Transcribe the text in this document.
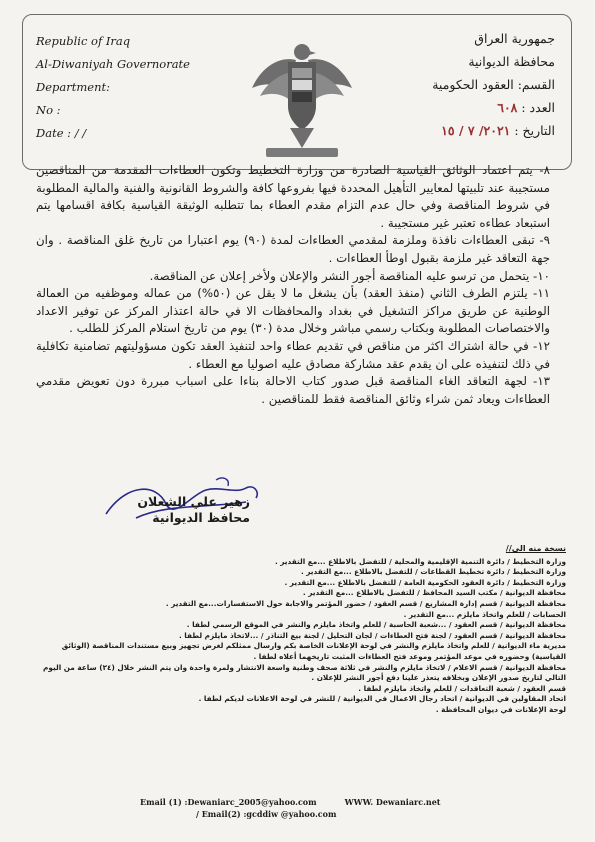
Republic of Iraq
Al-Diwaniyah Governorate
Department:
No :
Date : / /
جمهورية العراق
محافظة الديوانية
القسم: العقود الحكومية
العدد : ٦٠٨
التاريخ : ٢٠٢١/ ٧ / ١٥

٨- يتم اعتماد الوثائق القياسية الصادرة من وزارة التخطيط وتكون العطاءات المقدمة من المناقصين مستجيبة عند تلبيتها لمعايير التأهيل المحددة فيها بفروعها كافة والشروط القانونية والفنية والمالية المطلوبة في شروط المناقصة وفي حال عدم التزام مقدم العطاء بما تتطلبه الوثيقة القياسية بكافة اقسامها يتم استبعاد عطاءه تعتبر غير مستجيبة .

٩- تبقى العطاءات نافذة وملزمة لمقدمي العطاءات لمدة (٩٠) يوم اعتبارا من تاريخ غلق المناقصة . وان جهة التعاقد غير ملزمة بقبول اوطأ العطاءات .

١٠- يتحمل من ترسو عليه المناقصة أجور النشر والإعلان ولأخر إعلان عن المناقصة.

١١- يلتزم الطرف الثاني (منفذ العقد) بأن يشغل ما لا يقل عن (٥٠%) من عماله وموظفيه من العمالة الوطنية عن طريق مراكز التشغيل في بغداد والمحافظات الا في حالة اعتذار المركز عن توفير الاعداد والاختصاصات المطلوبة وبكتاب رسمي مباشر وخلال مدة (٣٠) يوم من تاريخ استلام المركز للطلب .

١٢- في حالة اشتراك اكثر من مناقص في تقديم عطاء واحد لتنفيذ العقد تكون مسؤوليتهم تضامنية تكافلية في ذلك لتنفيذه على ان يقدم عقد مشاركة مصادق عليه اصوليا مع العطاء .

١٣- لجهة التعاقد الغاء المناقصة قبل صدور كتاب الاحالة بناءا على اسباب مبررة دون تعويض مقدمي العطاءات ويعاد ثمن شراء وثائق المناقصة فقط للمناقصين .

زهير علي الشعلان
محافظ الديوانية
نسخة منه الى//
وزارة التخطيط / دائرة التنمية الإقليمية والمحلية / للتفضل بالاطلاع ...مع التقدير .
وزارة التخطيط / دائرة تخطيط القطاعات / للتفضل بالاطلاع ...مع التقدير .
وزارة التخطيط / دائرة العقود الحكومية العامة / للتفضل بالاطلاع ...مع التقدير .
محافظة الديوانية / مكتب السيد المحافظ / للتفضل بالاطلاع ...مع التقدير .
محافظة الديوانية / قسم إدارة المشاريع / قسم العقود / حضور المؤتمر والاجابة حول الاستفسارات...مع التقدير .
الحسابات / للعلم واتخاذ مايلزم ...مع التقدير .
محافظة الديوانية / قسم العقود / ...شعبة الحاسبة / للعلم واتخاذ مايلزم والنشر في الموقع الرسمي لطفا .
محافظة الديوانية / قسم العقود / لجنة فتح العطاءات / لجان التحليل / لجنة بيع التناذر / ...لاتخاذ مايلزم لطفا .
مديرية ماء الديوانية / للعلم واتخاذ مايلزم والنشر في لوحة الإعلانات الخاصة بكم وارسال ممثلكم لغرض تجهيز وبيع مستندات المناقصة (الوثائق القياسية) وحضوره في موعد المؤتمر وموعد فتح العطاءات المثبت تاريخهما أعلاه لطفا .
محافظة الديوانية / قسم الاعلام / لاتخاذ مايلزم والنشر في ثلاثة صحف وطنية واسعة الانتشار ولمرة واحدة وان يتم النشر خلال (٢٤) ساعة من اليوم التالي لتاريخ صدور الإعلان وبخلافه يتعذر علينا دفع أجور النشر للإعلان .
قسم العقود / شعبة التعاقدات / للعلم واتخاذ مايلزم لطفا .
اتحاد المقاولين في الديوانية / اتحاد رجال الاعمال في الديوانية / للنشر في لوحة الاعلانات لديكم لطفا .
لوحة الإعلانات في ديوان المحافظة .
Email (1) :Dewaniarc_2005@yahoo.com	WWW. Dewaniarc.net
/ Email(2) :gcddiw @yahoo.com
